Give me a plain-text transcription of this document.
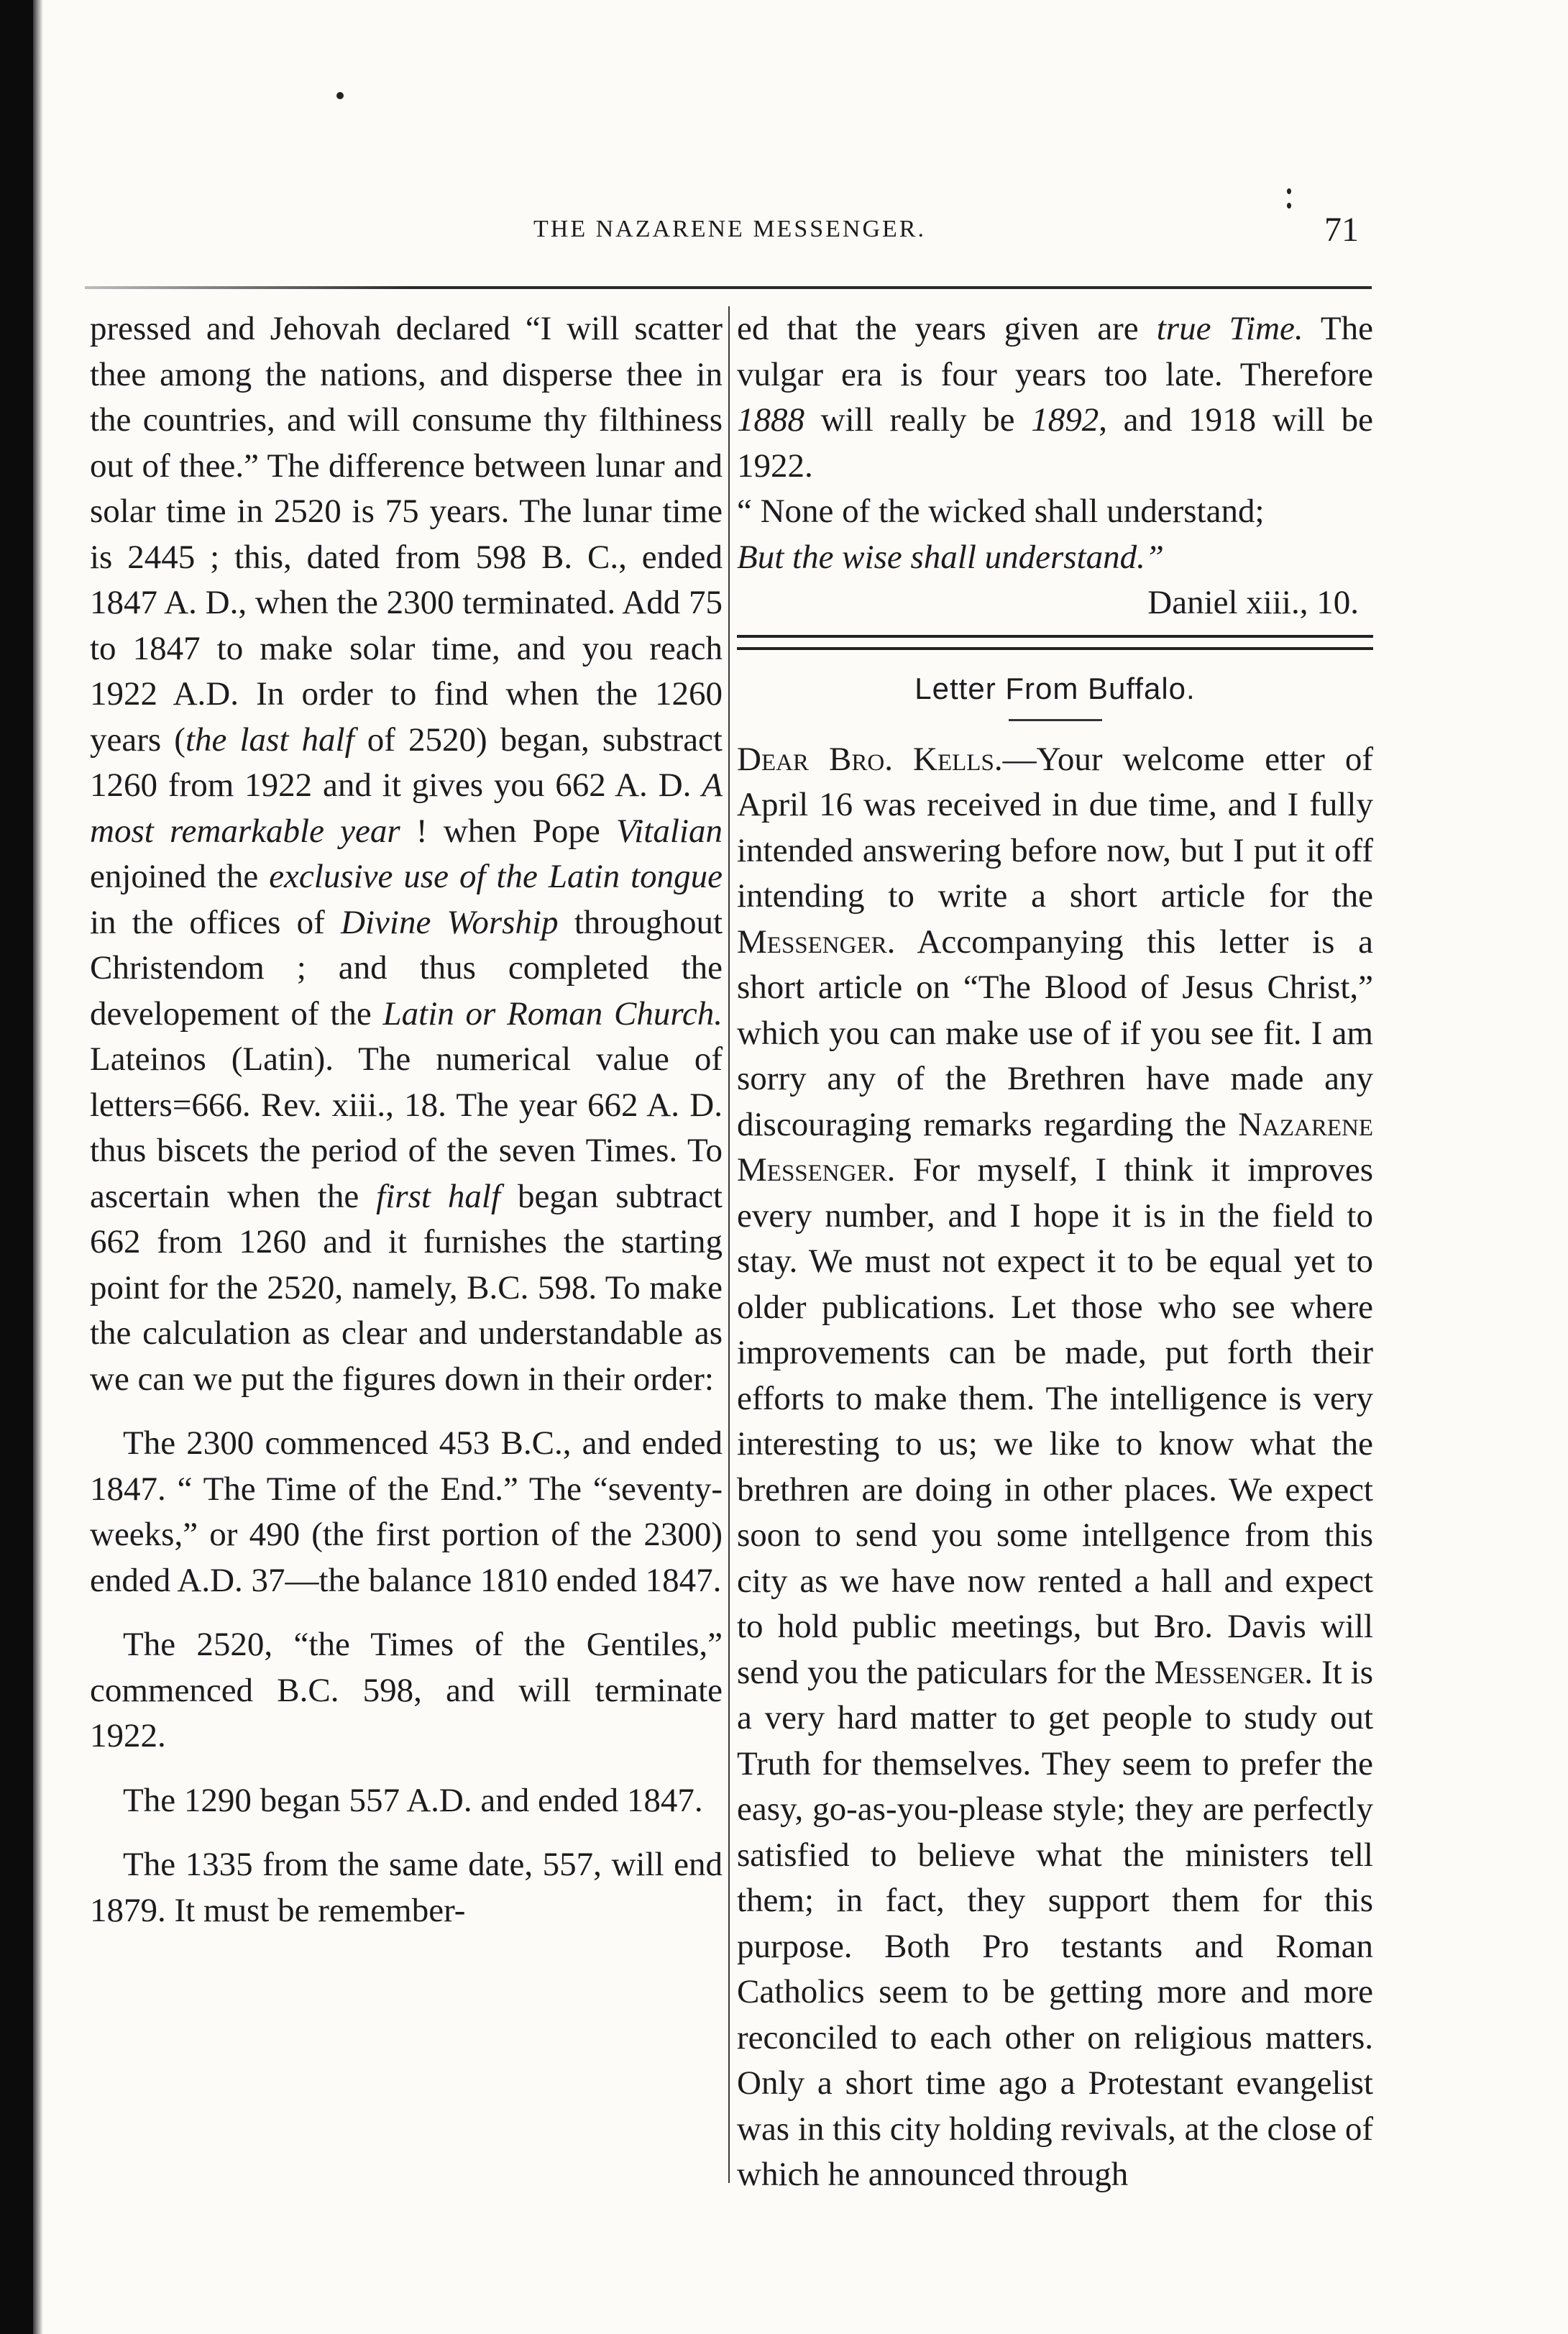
THE NAZARENE MESSENGER.	71

pressed and Jehovah declared “I will scatter thee among the nations, and disperse thee in the countries, and will consume thy filthiness out of thee.” The difference between lunar and solar time in 2520 is 75 years. The lunar time is 2445 ; this, dated from 598 B. C., ended 1847 A. D., when the 2300 terminated. Add 75 to 1847 to make solar time, and you reach 1922 A.D. In order to find when the 1260 years (the last half of 2520) began, substract 1260 from 1922 and it gives you 662 A. D. A most remarkable year ! when Pope Vitalian enjoined the exclusive use of the Latin tongue in the offices of Divine Worship throughout Christendom ; and thus completed the developement of the Latin or Roman Church. Lateinos (Latin). The numerical value of letters=666. Rev. xiii., 18. The year 662 A. D. thus biscets the period of the seven Times. To ascertain when the first half began subtract 662 from 1260 and it furnishes the starting point for the 2520, namely, B.C. 598. To make the calculation as clear and understandable as we can we put the figures down in their order:

The 2300 commenced 453 B.C., and ended 1847. “ The Time of the End.” The “seventy-weeks,” or 490 (the first portion of the 2300) ended A.D. 37—the balance 1810 ended 1847.

The 2520, “the Times of the Gentiles,” commenced B.C. 598, and will terminate 1922.

The 1290 began 557 A.D. and ended 1847.

The 1335 from the same date, 557, will end 1879. It must be remember-

ed that the years given are true Time. The vulgar era is four years too late. Therefore 1888 will really be 1892, and 1918 will be 1922.

“ None of the wicked shall understand;

But the wise shall understand.”

Daniel xiii., 10.

Letter From Buffalo.

Dear Bro. Kells.—Your welcome etter of April 16 was received in due time, and I fully intended answering before now, but I put it off intending to write a short article for the Messenger. Accompanying this letter is a short article on “The Blood of Jesus Christ,” which you can make use of if you see fit. I am sorry any of the Brethren have made any discouraging remarks regarding the Nazarene Messenger. For myself, I think it improves every number, and I hope it is in the field to stay. We must not expect it to be equal yet to older publications. Let those who see where improvements can be made, put forth their efforts to make them. The intelligence is very interesting to us; we like to know what the brethren are doing in other places. We expect soon to send you some intellgence from this city as we have now rented a hall and expect to hold public meetings, but Bro. Davis will send you the paticulars for the Messenger. It is a very hard matter to get people to study out Truth for themselves. They seem to prefer the easy, go-as-you-please style; they are perfectly satisfied to believe what the ministers tell them; in fact, they support them for this purpose. Both Pro testants and Roman Catholics seem to be getting more and more reconciled to each other on religious matters. Only a short time ago a Protestant evangelist was in this city holding revivals, at the close of which he announced through
